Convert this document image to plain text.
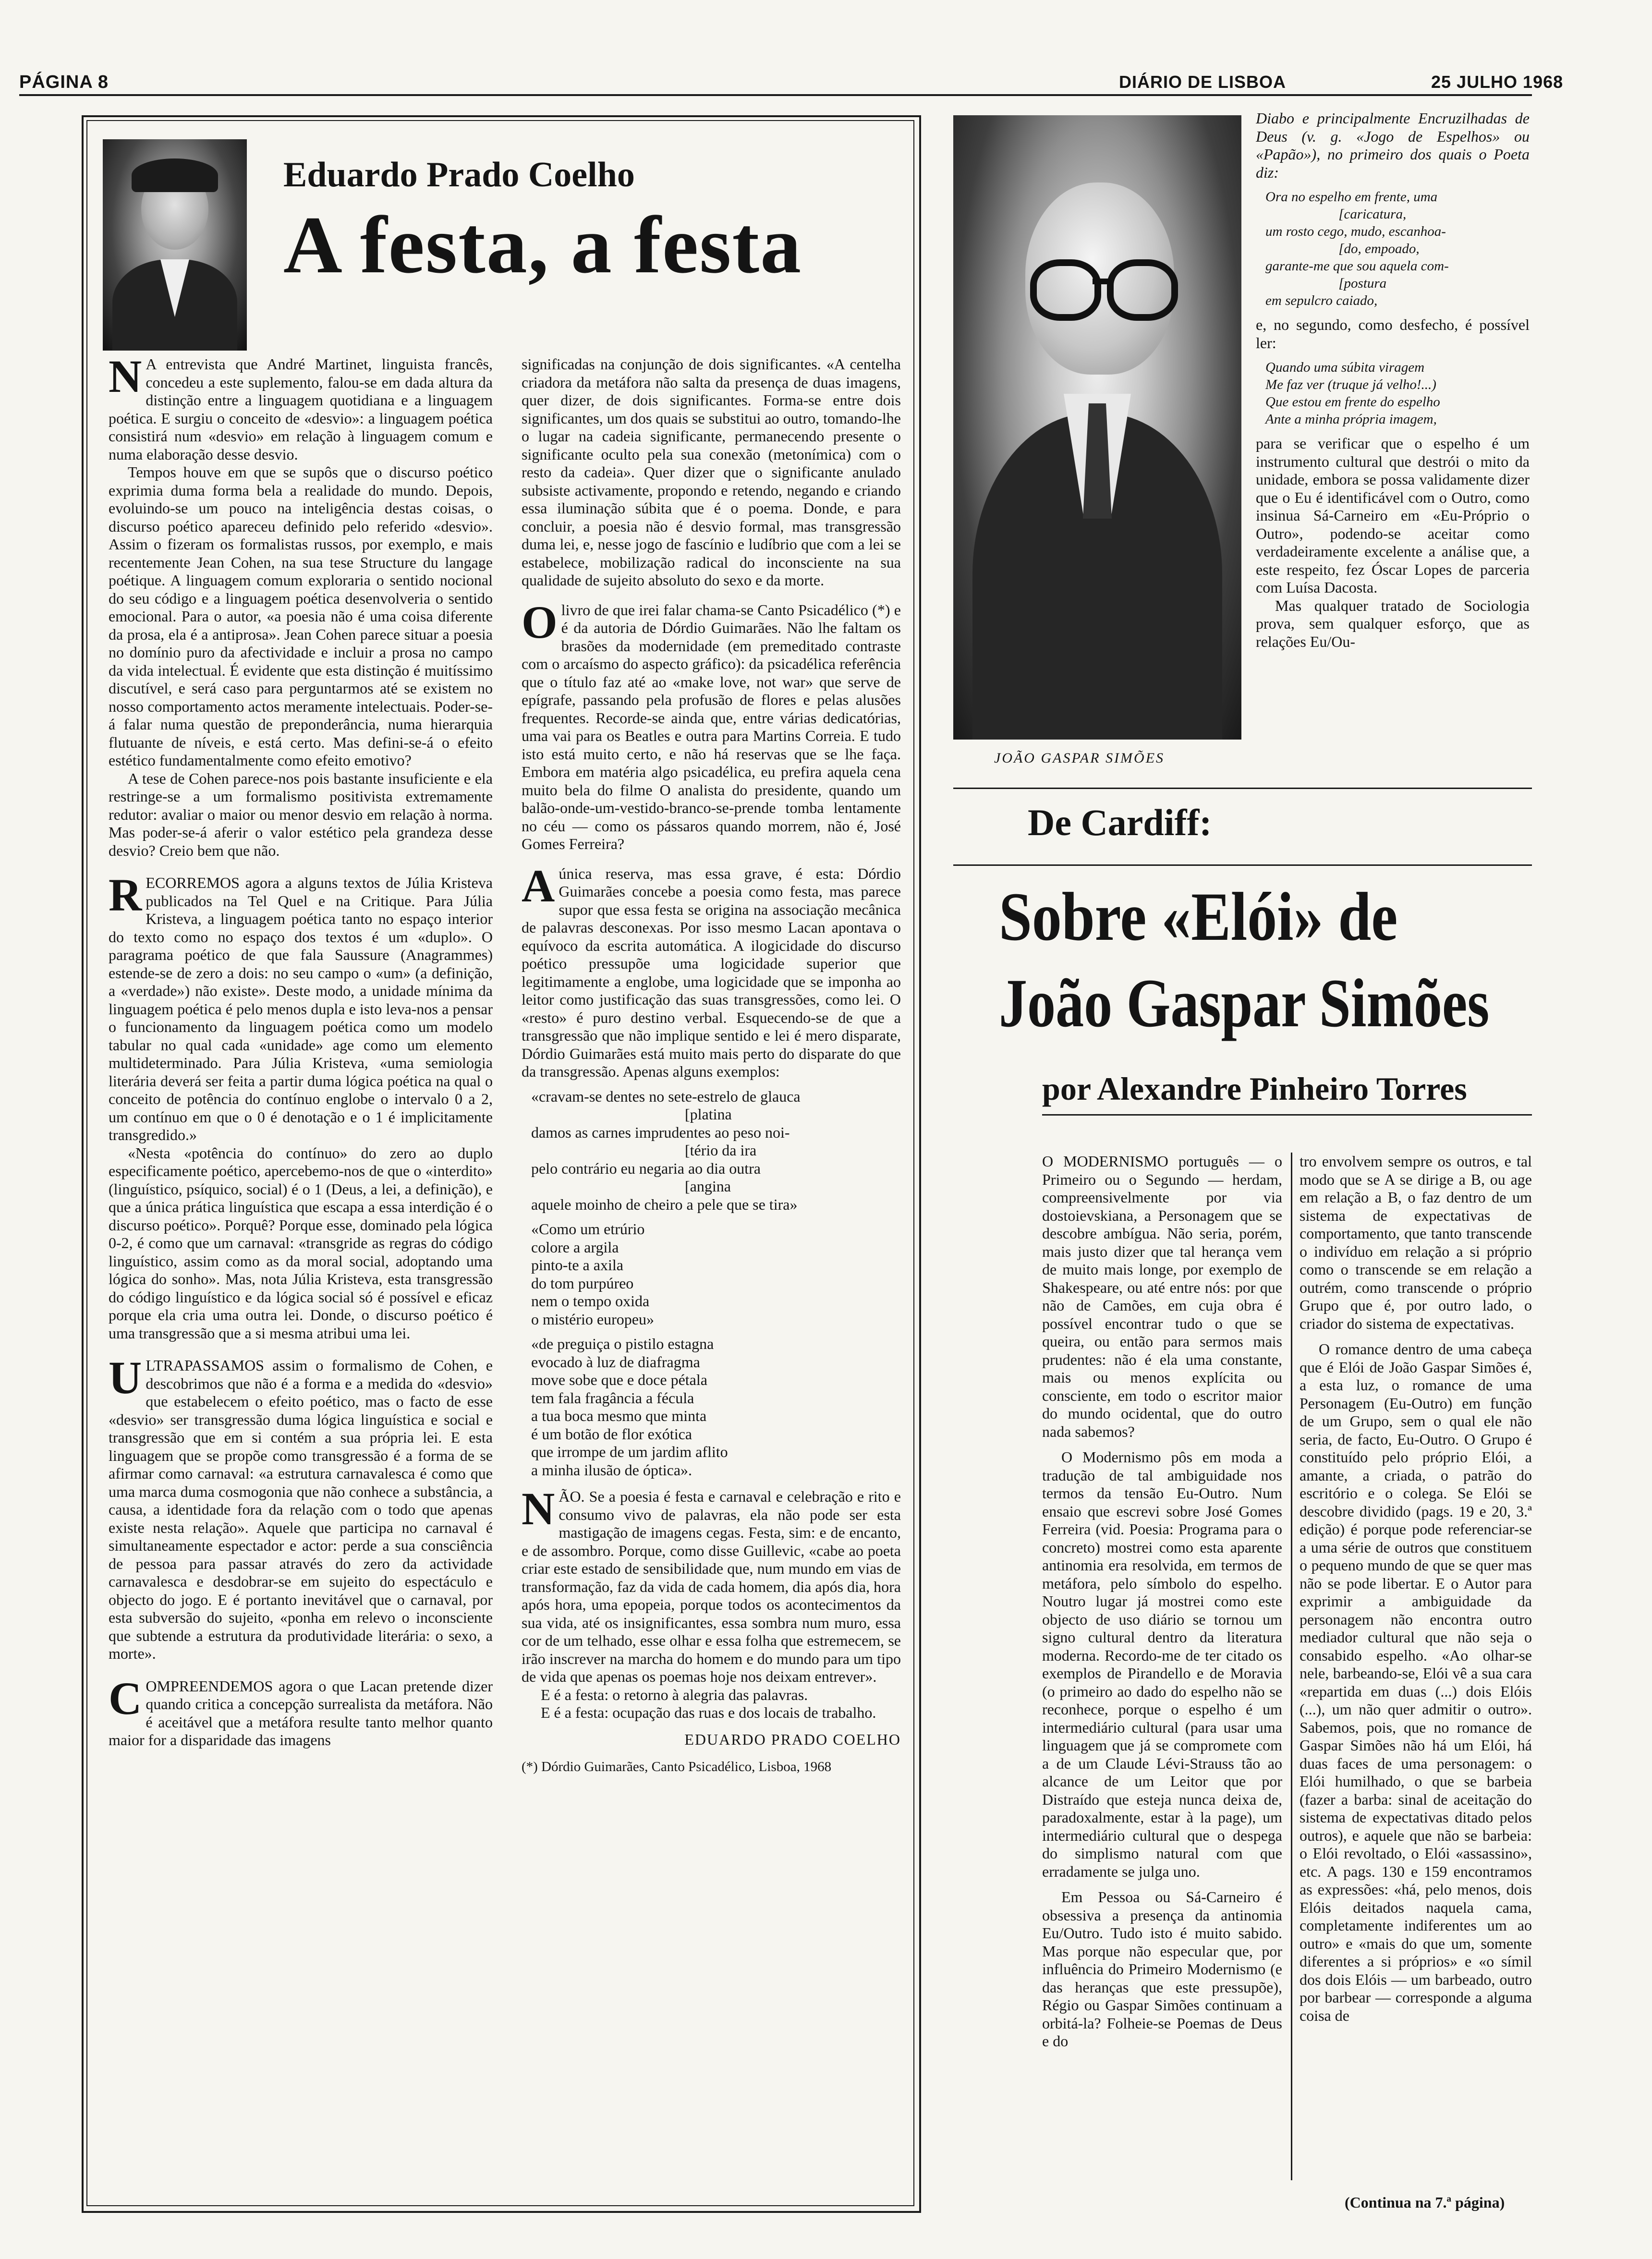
PÁGINA 8	DIÁRIO DE LISBOA	25 JULHO 1968
Eduardo Prado Coelho
A festa, a festa

NA entrevista que André Martinet, linguista francês, concedeu a este suplemento, falou-se em dada altura da distinção entre a linguagem quotidiana e a linguagem poética. E surgiu o conceito de «desvio»: a linguagem poética consistirá num «desvio» em relação à linguagem comum e numa elaboração desse desvio.

Tempos houve em que se supôs que o discurso poético exprimia duma forma bela a realidade do mundo. Depois, evoluindo-se um pouco na inteligência destas coisas, o discurso poético apareceu definido pelo referido «desvio». Assim o fizeram os formalistas russos, por exemplo, e mais recentemente Jean Cohen, na sua tese Structure du langage poétique. A linguagem comum exploraria o sentido nocional do seu código e a linguagem poética desenvolveria o sentido emocional. Para o autor, «a poesia não é uma coisa diferente da prosa, ela é a antiprosa». Jean Cohen parece situar a poesia no domínio puro da afectividade e incluir a prosa no campo da vida intelectual. É evidente que esta distinção é muitíssimo discutível, e será caso para perguntarmos até se existem no nosso comportamento actos meramente intelectuais. Poder-se-á falar numa questão de preponderância, numa hierarquia flutuante de níveis, e está certo. Mas defini-se-á o efeito estético fundamentalmente como efeito emotivo?

A tese de Cohen parece-nos pois bastante insuficiente e ela restringe-se a um formalismo positivista extremamente redutor: avaliar o maior ou menor desvio em relação à norma. Mas poder-se-á aferir o valor estético pela grandeza desse desvio? Creio bem que não.

RECORREMOS agora a alguns textos de Júlia Kristeva publicados na Tel Quel e na Critique. Para Júlia Kristeva, a linguagem poética tanto no espaço interior do texto como no espaço dos textos é um «duplo». O paragrama poético de que fala Saussure (Anagrammes) estende-se de zero a dois: no seu campo o «um» (a definição, a «verdade») não existe». Deste modo, a unidade mínima da linguagem poética é pelo menos dupla e isto leva-nos a pensar o funcionamento da linguagem poética como um modelo tabular no qual cada «unidade» age como um elemento multideterminado. Para Júlia Kristeva, «uma semiologia literária deverá ser feita a partir duma lógica poética na qual o conceito de potência do contínuo englobe o intervalo 0 a 2, um contínuo em que o 0 é denotação e o 1 é implicitamente transgredido.»

«Nesta «potência do contínuo» do zero ao duplo especificamente poético, apercebemo-nos de que o «interdito» (linguístico, psíquico, social) é o 1 (Deus, a lei, a definição), e que a única prática linguística que escapa a essa interdição é o discurso poético». Porquê? Porque esse, dominado pela lógica 0-2, é como que um carnaval: «transgride as regras do código linguístico, assim como as da moral social, adoptando uma lógica do sonho». Mas, nota Júlia Kristeva, esta transgressão do código linguístico e da lógica social só é possível e eficaz porque ela cria uma outra lei. Donde, o discurso poético é uma transgressão que a si mesma atribui uma lei.

ULTRAPASSAMOS assim o formalismo de Cohen, e descobrimos que não é a forma e a medida do «desvio» que estabelecem o efeito poético, mas o facto de esse «desvio» ser transgressão duma lógica linguística e social e transgressão que em si contém a sua própria lei. E esta linguagem que se propõe como transgressão é a forma de se afirmar como carnaval: «a estrutura carnavalesca é como que uma marca duma cosmogonia que não conhece a substância, a causa, a identidade fora da relação com o todo que apenas existe nesta relação». Aquele que participa no carnaval é simultaneamente espectador e actor: perde a sua consciência de pessoa para passar através do zero da actividade carnavalesca e desdobrar-se em sujeito do espectáculo e objecto do jogo. E é portanto inevitável que o carnaval, por esta subversão do sujeito, «ponha em relevo o inconsciente que subtende a estrutura da produtividade literária: o sexo, a morte».

COMPREENDEMOS agora o que Lacan pretende dizer quando critica a concepção surrealista da metáfora. Não é aceitável que a metáfora resulte tanto melhor quanto maior for a disparidade das imagens

significadas na conjunção de dois significantes. «A centelha criadora da metáfora não salta da presença de duas imagens, quer dizer, de dois significantes. Forma-se entre dois significantes, um dos quais se substitui ao outro, tomando-lhe o lugar na cadeia significante, permanecendo presente o significante oculto pela sua conexão (metonímica) com o resto da cadeia». Quer dizer que o significante anulado subsiste activamente, propondo e retendo, negando e criando essa iluminação súbita que é o poema. Donde, e para concluir, a poesia não é desvio formal, mas transgressão duma lei, e, nesse jogo de fascínio e ludíbrio que com a lei se estabelece, mobilização radical do inconsciente na sua qualidade de sujeito absoluto do sexo e da morte.

Olivro de que irei falar chama-se Canto Psicadélico (*) e é da autoria de Dórdio Guimarães. Não lhe faltam os brasões da modernidade (em premeditado contraste com o arcaísmo do aspecto gráfico): da psicadélica referência que o título faz até ao «make love, not war» que serve de epígrafe, passando pela profusão de flores e pelas alusões frequentes. Recorde-se ainda que, entre várias dedicatórias, uma vai para os Beatles e outra para Martins Correia. E tudo isto está muito certo, e não há reservas que se lhe faça. Embora em matéria algo psicadélica, eu prefira aquela cena muito bela do filme O analista do presidente, quando um balão-onde-um-vestido-branco-se-prende tomba lentamente no céu — como os pássaros quando morrem, não é, José Gomes Ferreira?

Aúnica reserva, mas essa grave, é esta: Dórdio Guimarães concebe a poesia como festa, mas parece supor que essa festa se origina na associação mecânica de palavras desconexas. Por isso mesmo Lacan apontava o equívoco da escrita automática. A ilogicidade do discurso poético pressupõe uma logicidade superior que legitimamente a englobe, uma logicidade que se imponha ao leitor como justificação das suas transgressões, como lei. O «resto» é puro destino verbal. Esquecendo-se de que a transgressão que não implique sentido e lei é mero disparate, Dórdio Guimarães está muito mais perto do disparate do que da transgressão. Apenas alguns exemplos:

«cravam-se dentes no sete-estrelo de glauca
[platina
damos as carnes imprudentes ao peso noi-
[tério da ira
pelo contrário eu negaria ao dia outra
[angina
aquele moinho de cheiro a pele que se tira»
«Como um etrúrio
colore a argila
pinto-te a axila
do tom purpúreo
nem o tempo oxida
o mistério europeu»
«de preguiça o pistilo estagna
evocado à luz de diafragma
move sobe que e doce pétala
tem fala fragância a fécula
a tua boca mesmo que minta
é um botão de flor exótica
que irrompe de um jardim aflito
a minha ilusão de óptica».

NÃO. Se a poesia é festa e carnaval e celebração e rito e consumo vivo de palavras, ela não pode ser esta mastigação de imagens cegas. Festa, sim: e de encanto, e de assombro. Porque, como disse Guillevic, «cabe ao poeta criar este estado de sensibilidade que, num mundo em vias de transformação, faz da vida de cada homem, dia após dia, hora após hora, uma epopeia, porque todos os acontecimentos da sua vida, até os insignificantes, essa sombra num muro, essa cor de um telhado, esse olhar e essa folha que estremecem, se irão inscrever na marcha do homem e do mundo para um tipo de vida que apenas os poemas hoje nos deixam entrever».

E é a festa: o retorno à alegria das palavras.

E é a festa: ocupação das ruas e dos locais de trabalho.

EDUARDO PRADO COELHO

(*) Dórdio Guimarães, Canto Psicadélico, Lisboa, 1968

JOÃO GASPAR SIMÕES

Diabo e principalmente Encruzilhadas de Deus (v. g. «Jogo de Espelhos» ou «Papão»), no primeiro dos quais o Poeta diz:

Ora no espelho em frente, uma
[caricatura,
um rosto cego, mudo, escanhoa-
[do, empoado,
garante-me que sou aquela com-
[postura
em sepulcro caiado,

e, no segundo, como desfecho, é possível ler:

Quando uma súbita viragem
Me faz ver (truque já velho!...)
Que estou em frente do espelho
Ante a minha própria imagem,

para se verificar que o espelho é um instrumento cultural que destrói o mito da unidade, embora se possa validamente dizer que o Eu é identificável com o Outro, como insinua Sá-Carneiro em «Eu-Próprio o Outro», podendo-se aceitar como verdadeiramente excelente a análise que, a este respeito, fez Óscar Lopes de parceria com Luísa Dacosta.

Mas qualquer tratado de Sociologia prova, sem qualquer esforço, que as relações Eu/Ou-

De Cardiff:
Sobre «Elói» de
João Gaspar Simões
por Alexandre Pinheiro Torres

O MODERNISMO português — o Primeiro ou o Segundo — herdam, compreensivelmente por via dostoievskiana, a Personagem que se descobre ambígua. Não seria, porém, mais justo dizer que tal herança vem de muito mais longe, por exemplo de Shakespeare, ou até entre nós: por que não de Camões, em cuja obra é possível encontrar tudo o que se queira, ou então para sermos mais prudentes: não é ela uma constante, mais ou menos explícita ou consciente, em todo o escritor maior do mundo ocidental, que do outro nada sabemos?

O Modernismo pôs em moda a tradução de tal ambiguidade nos termos da tensão Eu-Outro. Num ensaio que escrevi sobre José Gomes Ferreira (vid. Poesia: Programa para o concreto) mostrei como esta aparente antinomia era resolvida, em termos de metáfora, pelo símbolo do espelho. Noutro lugar já mostrei como este objecto de uso diário se tornou um signo cultural dentro da literatura moderna. Recordo-me de ter citado os exemplos de Pirandello e de Moravia (o primeiro ao dado do espelho não se reconhece, porque o espelho é um intermediário cultural (para usar uma linguagem que já se compromete com a de um Claude Lévi-Strauss tão ao alcance de um Leitor que por Distraído que esteja nunca deixa de, paradoxalmente, estar à la page), um intermediário cultural que o despega do simplismo natural com que erradamente se julga uno.

Em Pessoa ou Sá-Carneiro é obsessiva a presença da antinomia Eu/Outro. Tudo isto é muito sabido. Mas porque não especular que, por influência do Primeiro Modernismo (e das heranças que este pressupõe), Régio ou Gaspar Simões continuam a orbitá-la? Folheie-se Poemas de Deus e do

tro envolvem sempre os outros, e tal modo que se A se dirige a B, ou age em relação a B, o faz dentro de um sistema de expectativas de comportamento, que tanto transcende o indivíduo em relação a si próprio como o transcende se em relação a outrém, como transcende o próprio Grupo que é, por outro lado, o criador do sistema de expectativas.

O romance dentro de uma cabeça que é Elói de João Gaspar Simões é, a esta luz, o romance de uma Personagem (Eu-Outro) em função de um Grupo, sem o qual ele não seria, de facto, Eu-Outro. O Grupo é constituído pelo próprio Elói, a amante, a criada, o patrão do escritório e o colega. Se Elói se descobre dividido (pags. 19 e 20, 3.ª edição) é porque pode referenciar-se a uma série de outros que constituem o pequeno mundo de que se quer mas não se pode libertar. E o Autor para exprimir a ambiguidade da personagem não encontra outro mediador cultural que não seja o consabido espelho. «Ao olhar-se nele, barbeando-se, Elói vê a sua cara «repartida em duas (...) dois Elóis (...), um não quer admitir o outro». Sabemos, pois, que no romance de Gaspar Simões não há um Elói, há duas faces de uma personagem: o Elói humilhado, o que se barbeia (fazer a barba: sinal de aceitação do sistema de expectativas ditado pelos outros), e aquele que não se barbeia: o Elói revoltado, o Elói «assassino», etc. A pags. 130 e 159 encontramos as expressões: «há, pelo menos, dois Elóis deitados naquela cama, completamente indiferentes um ao outro» e «mais do que um, somente diferentes a si próprios» e «o símil dos dois Elóis — um barbeado, outro por barbear — corresponde a alguma coisa de

(Continua na 7.ª página)
